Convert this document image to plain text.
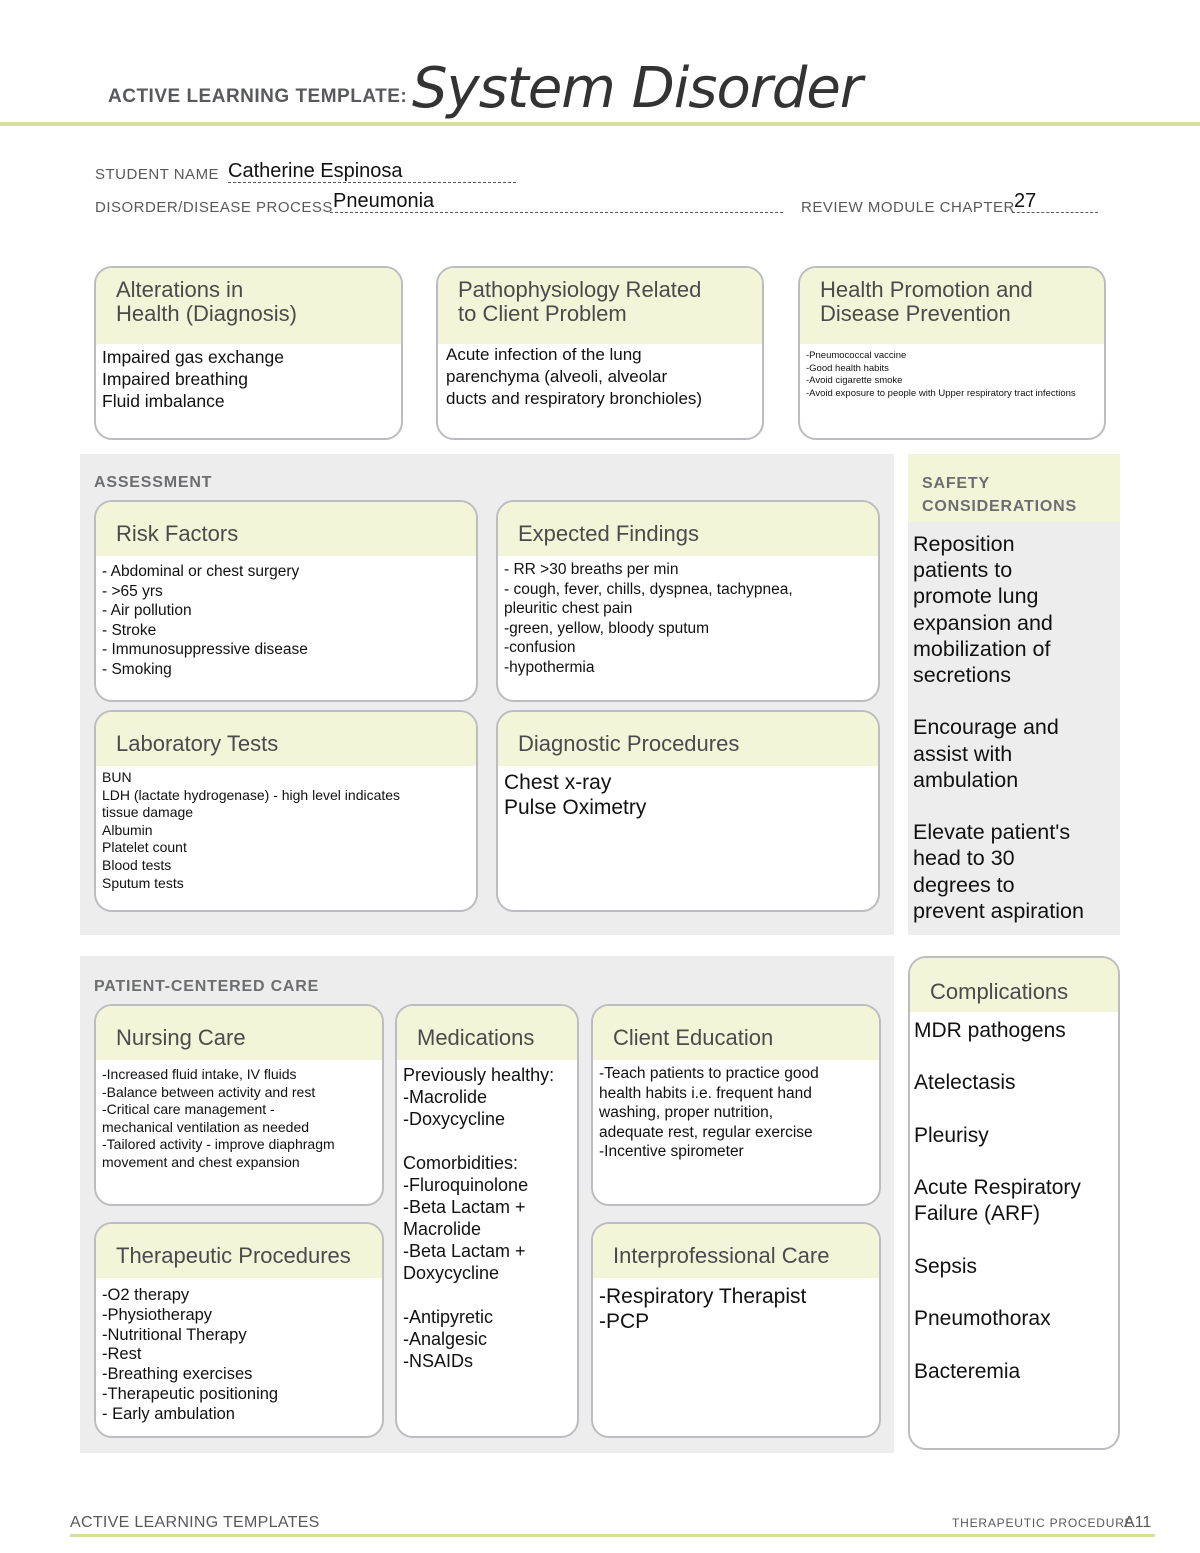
ACTIVE LEARNING TEMPLATE: System Disorder
STUDENT NAME Catherine Espinosa
DISORDER/DISEASE PROCESS Pneumonia	REVIEW MODULE CHAPTER 27
Alterations in
Health (Diagnosis)
Impaired gas exchange
Impaired breathing
Fluid imbalance
Pathophysiology Related
to Client Problem
Acute infection of the lung
parenchyma (alveoli, alveolar
ducts and respiratory bronchioles)
Health Promotion and
Disease Prevention
-Pneumococcal vaccine
-Good health habits
-Avoid cigarette smoke
-Avoid exposure to people with Upper respiratory tract infections
ASSESSMENT
Risk Factors
- Abdominal or chest surgery
- >65 yrs
- Air pollution
- Stroke
- Immunosuppressive disease
- Smoking
Expected Findings
- RR >30 breaths per min
- cough, fever, chills, dyspnea, tachypnea,
pleuritic chest pain
-green, yellow, bloody sputum
-confusion
-hypothermia
Laboratory Tests
BUN
LDH (lactate hydrogenase) - high level indicates
tissue damage
Albumin
Platelet count
Blood tests
Sputum tests
Diagnostic Procedures
Chest x-ray
Pulse Oximetry
SAFETY
CONSIDERATIONS
Reposition
patients to
promote lung
expansion and
mobilization of
secretions

Encourage and
assist with
ambulation

Elevate patient's
head to 30
degrees to
prevent aspiration
PATIENT-CENTERED CARE
Nursing Care
-Increased fluid intake, IV fluids
-Balance between activity and rest
-Critical care management -
mechanical ventilation as needed
-Tailored activity - improve diaphragm
movement and chest expansion
Medications
Previously healthy:
-Macrolide
-Doxycycline

Comorbidities:
-Fluroquinolone
-Beta Lactam +
Macrolide
-Beta Lactam +
Doxycycline

-Antipyretic
-Analgesic
-NSAIDs
Client Education
-Teach patients to practice good
health habits i.e. frequent hand
washing, proper nutrition,
adequate rest, regular exercise
-Incentive spirometer
Therapeutic Procedures
-O2 therapy
-Physiotherapy
-Nutritional Therapy
-Rest
-Breathing exercises
-Therapeutic positioning
- Early ambulation
Interprofessional Care
-Respiratory Therapist
-PCP
Complications
MDR pathogens

Atelectasis

Pleurisy

Acute Respiratory
Failure (ARF)

Sepsis

Pneumothorax

Bacteremia
ACTIVE LEARNING TEMPLATES	THERAPEUTIC PROCEDURE
A11
